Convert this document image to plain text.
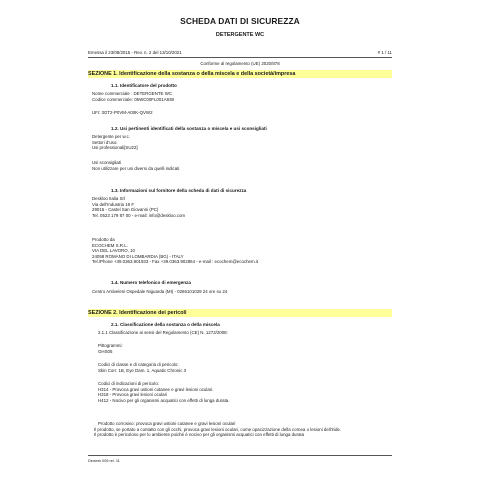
SCHEDA DATI DI SICUREZZA
DETERGENTE WC
Emessa il 23/08/2015 - Rev. n. 2 del 13/10/2021	# 1 / 11
Conforme al regolamento (UE) 2020/878
SEZIONE 1. Identificazione della sostanza o della miscela e della società/impresa
1.1. Identificatore del prodotto
Nome commerciale : DETERGENTE WC
Codice commerciale: 05WC00FL001A938
UFI: 3GT2-P0VM-A00K-QVW2
1.2. Usi pertinenti identificati della sostanza o miscela e usi sconsigliati
Detergente per w.c.
Settori d'uso:
Usi professionali[SU22]
Usi sconsigliati
Non utilizzare per usi diversi da quelli indicati
1.3. Informazioni sul fornitore della scheda di dati di sicurezza
Deskloo Italia Srl
Via dell'Industria 19 F
29015 - Castel San Giovanni (PC)
Tel. 0523 179 87 00 - e-mail: info@deskloo.com
Prodotto da
ECOCHEM S.R.L.
VIA DEL LAVORO, 10
24058 ROMANO DI LOMBARDIA (BG) - ITALY
Tel./Phone +39.0363.901933 - Fax +39.0363.902864 - e-mail : ecochem@ecochem.it
1.4. Numero telefonico di emergenza
Centro Antiveleni Ospedale Niguarda (MI) - 0266101029 24 ore su 24
SEZIONE 2. Identificazione dei pericoli
2.1. Classificazione della sostanza o della miscela
2.1.1 Classificazione ai sensi del Regolamento (CE) N. 1272/2008:
Pittogrammi:
GHS05
Codici di classe e di categoria di pericolo:
Skin Corr. 1B, Eye Dam. 1, Aquatic Chronic 3
Codici di indicazioni di pericolo:
H314 - Provoca gravi ustioni cutanee e gravi lesioni oculari.
H318 - Provoca gravi lesioni oculari
H412 - Nocivo per gli organismi acquatici con effetti di lunga durata.
Prodotto corrosivo: provoca gravi ustioni cutanee e gravi lesioni oculari
Il prodotto, se portato a contatto con gli occhi, provoca gravi lesioni oculari, come opacizzazione della cornea o lesioni dell'iride.
Il prodotto è pericoloso per lo ambiente poiché è nocivo per gli organismi acquatici con effetti di lunga durata
Deowrn 005 rel. 11
